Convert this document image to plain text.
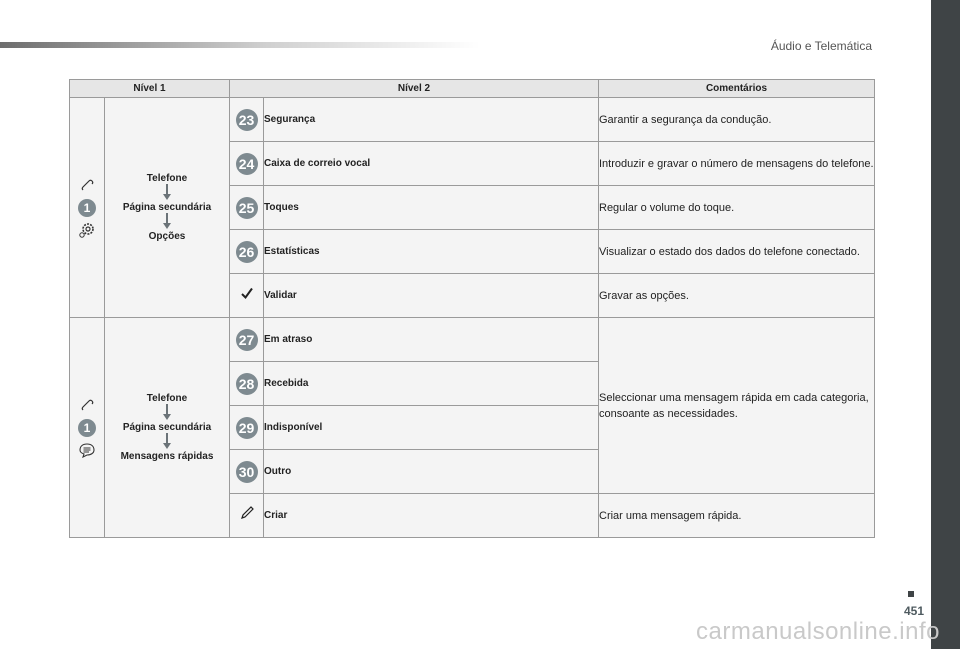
Áudio e Telemática
Nível 1		Nível 2		Comentários

1	Telefone
Página secundária
Opções	23	Segurança	Garantir a segurança da condução.
		24	Caixa de correio vocal	Introduzir e gravar o número de mensagens do telefone.
		25	Toques	Regular o volume do toque.
		26	Estatísticas	Visualizar o estado dos dados do telefone conectado.
	Validar	Gravar as opções.

1	Telefone
Página secundária
Mensagens rápidas	27	Em atraso	Seleccionar uma mensagem rápida em cada categoria, consoante as necessidades.
		28	Recebida	
		29	Indisponível	
		30	Outro	
	Criar	Criar uma mensagem rápida.
451
carmanualsonline.info
